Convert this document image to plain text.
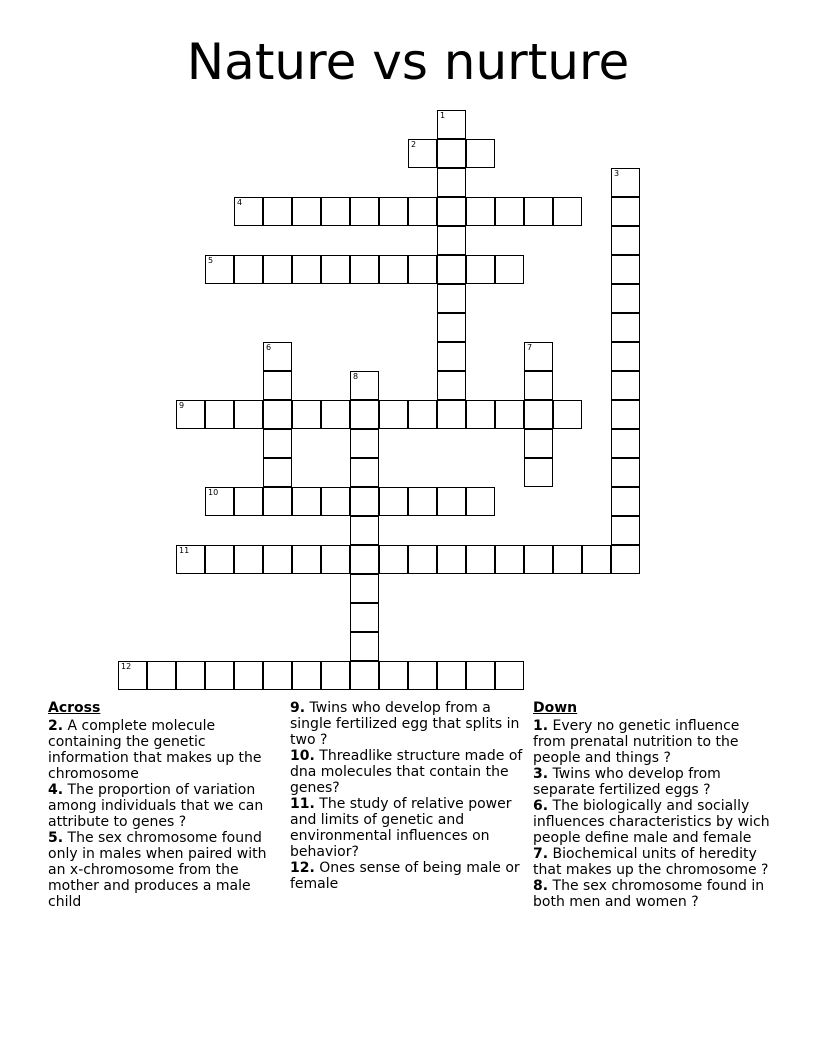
Nature vs nurture
1
2
3
4
5
6	7
8
9
10
11
12
Across
2. A complete molecule containing the genetic information that makes up the chromosome
4. The proportion of variation among individuals that we can attribute to genes ?
5. The sex chromosome found only in males when paired with an x-chromosome from the mother and produces a male child
9. Twins who develop from a single fertilized egg that splits in two ?
10. Threadlike structure made of dna molecules that contain the genes?
11. The study of relative power and limits of genetic and environmental influences on behavior?
12. Ones sense of being male or female
Down
1. Every no genetic influence from prenatal nutrition to the people and things ?
3. Twins who develop from separate fertilized eggs ?
6. The biologically and socially influences characteristics by wich people define male and female
7. Biochemical units of heredity that makes up the chromosome ?
8. The sex chromosome found in both men and women ?
